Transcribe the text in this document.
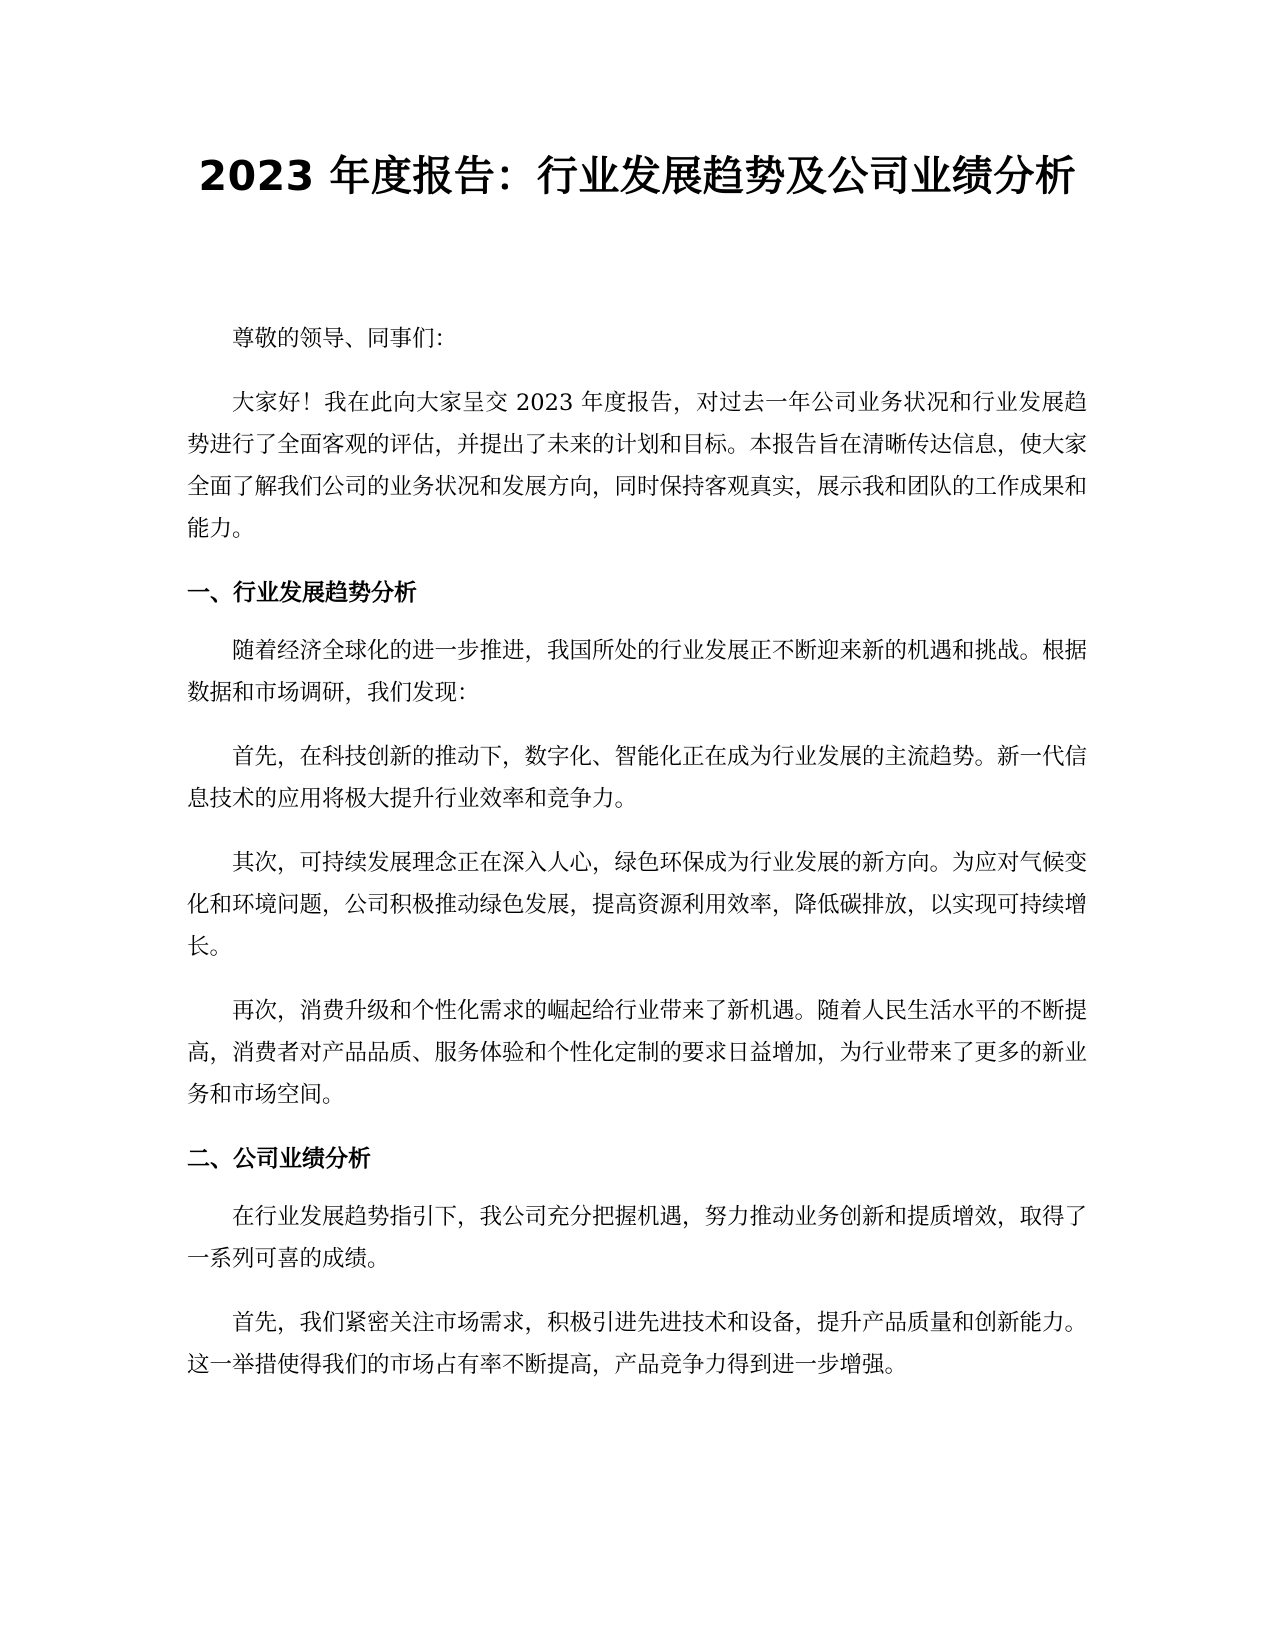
2023 年度报告：行业发展趋势及公司业绩分析

尊敬的领导、同事们：

大家好！我在此向大家呈交 2023 年度报告，对过去一年公司业务状况和行业发展趋势进行了全面客观的评估，并提出了未来的计划和目标。本报告旨在清晰传达信息，使大家全面了解我们公司的业务状况和发展方向，同时保持客观真实，展示我和团队的工作成果和能力。

一、行业发展趋势分析

随着经济全球化的进一步推进，我国所处的行业发展正不断迎来新的机遇和挑战。根据数据和市场调研，我们发现：

首先，在科技创新的推动下，数字化、智能化正在成为行业发展的主流趋势。新一代信息技术的应用将极大提升行业效率和竞争力。

其次，可持续发展理念正在深入人心，绿色环保成为行业发展的新方向。为应对气候变化和环境问题，公司积极推动绿色发展，提高资源利用效率，降低碳排放，以实现可持续增长。

再次，消费升级和个性化需求的崛起给行业带来了新机遇。随着人民生活水平的不断提高，消费者对产品品质、服务体验和个性化定制的要求日益增加，为行业带来了更多的新业务和市场空间。

二、公司业绩分析

在行业发展趋势指引下，我公司充分把握机遇，努力推动业务创新和提质增效，取得了一系列可喜的成绩。

首先，我们紧密关注市场需求，积极引进先进技术和设备，提升产品质量和创新能力。这一举措使得我们的市场占有率不断提高，产品竞争力得到进一步增强。
